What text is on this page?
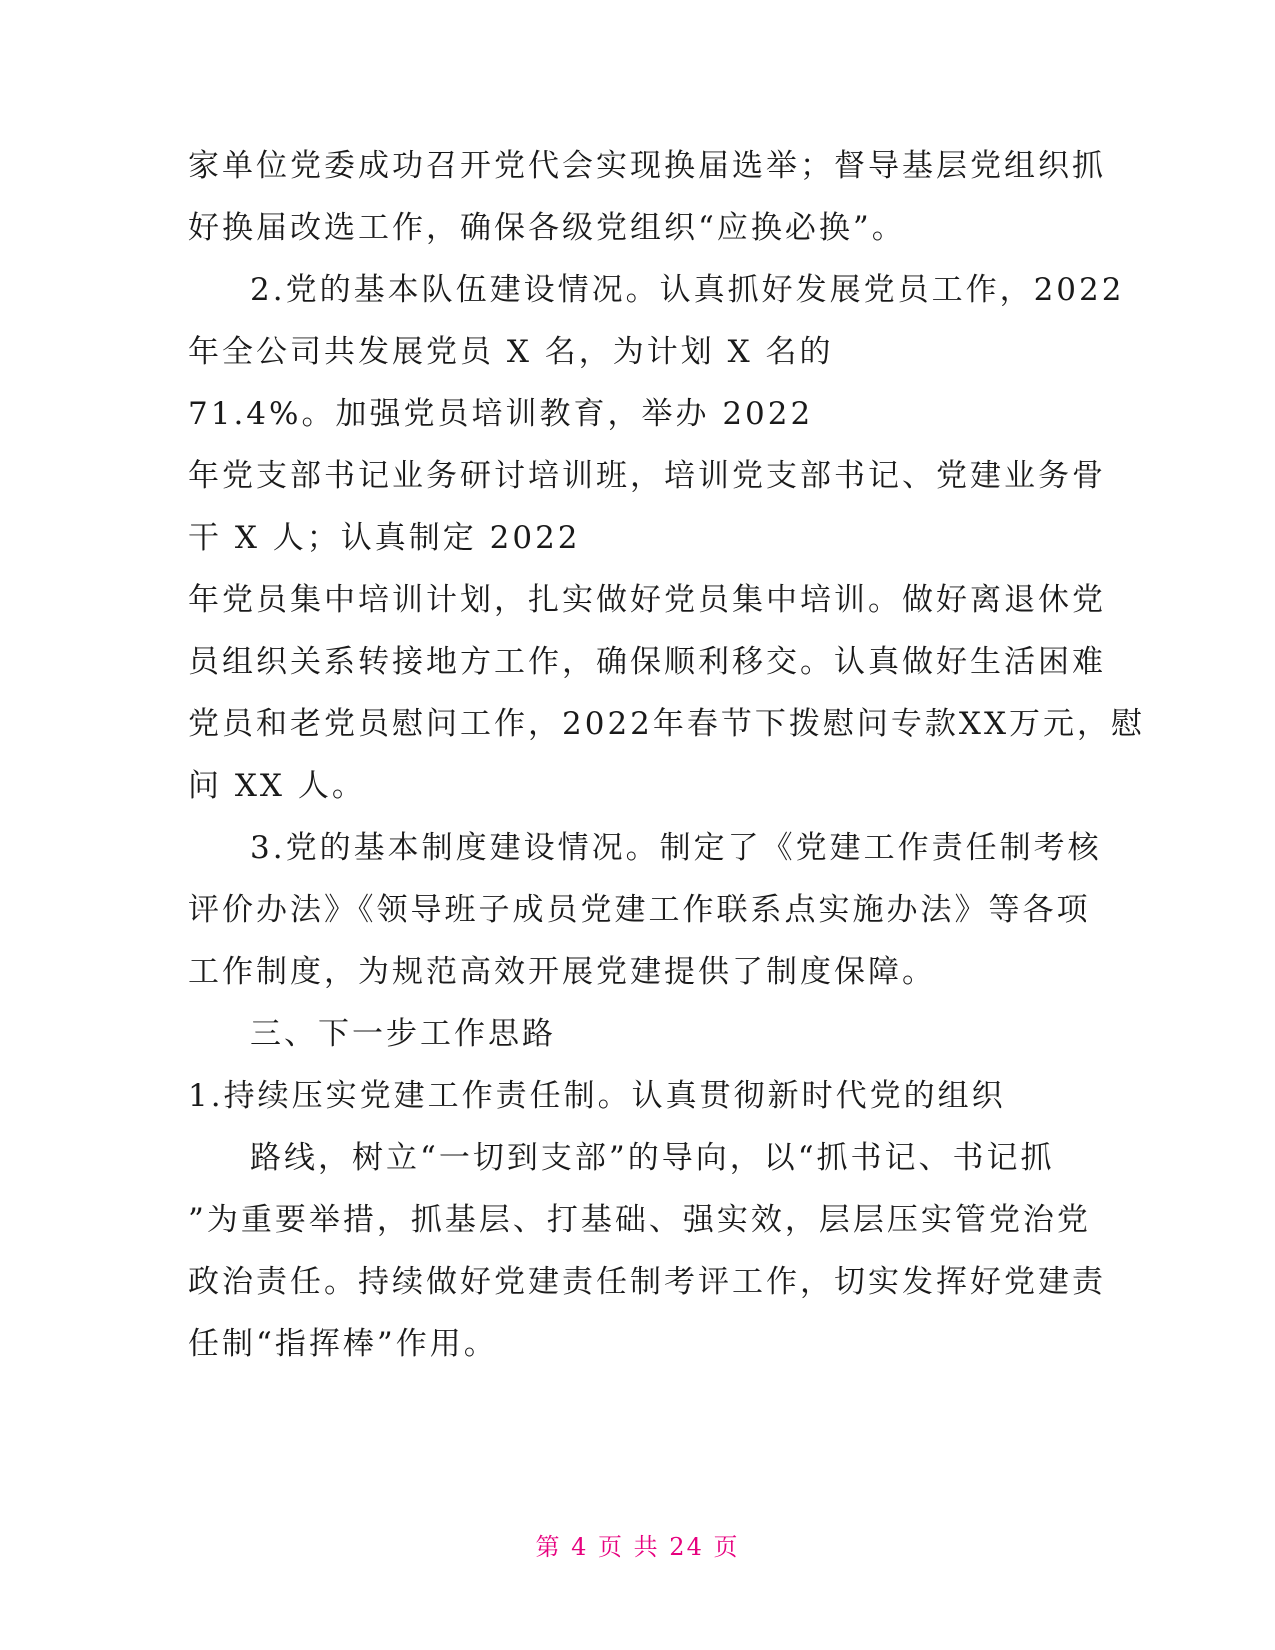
家单位党委成功召开党代会实现换届选举；督导基层党组织抓
好换届改选工作，确保各级党组织“应换必换”。
2.党的基本队伍建设情况。认真抓好发展党员工作，2022
年全公司共发展党员 X 名，为计划 X 名的
71.4%。加强党员培训教育，举办 2022
年党支部书记业务研讨培训班，培训党支部书记、党建业务骨
干 X 人；认真制定 2022
年党员集中培训计划，扎实做好党员集中培训。做好离退休党
员组织关系转接地方工作，确保顺利移交。认真做好生活困难
党员和老党员慰问工作，2022年春节下拨慰问专款XX万元，慰
问 XX 人。
3.党的基本制度建设情况。制定了《党建工作责任制考核
评价办法》《领导班子成员党建工作联系点实施办法》等各项
工作制度，为规范高效开展党建提供了制度保障。
三、下一步工作思路
1.持续压实党建工作责任制。认真贯彻新时代党的组织
路线，树立“一切到支部”的导向，以“抓书记、书记抓
”为重要举措，抓基层、打基础、强实效，层层压实管党治党
政治责任。持续做好党建责任制考评工作，切实发挥好党建责
任制“指挥棒”作用。
第 4 页 共 24 页
